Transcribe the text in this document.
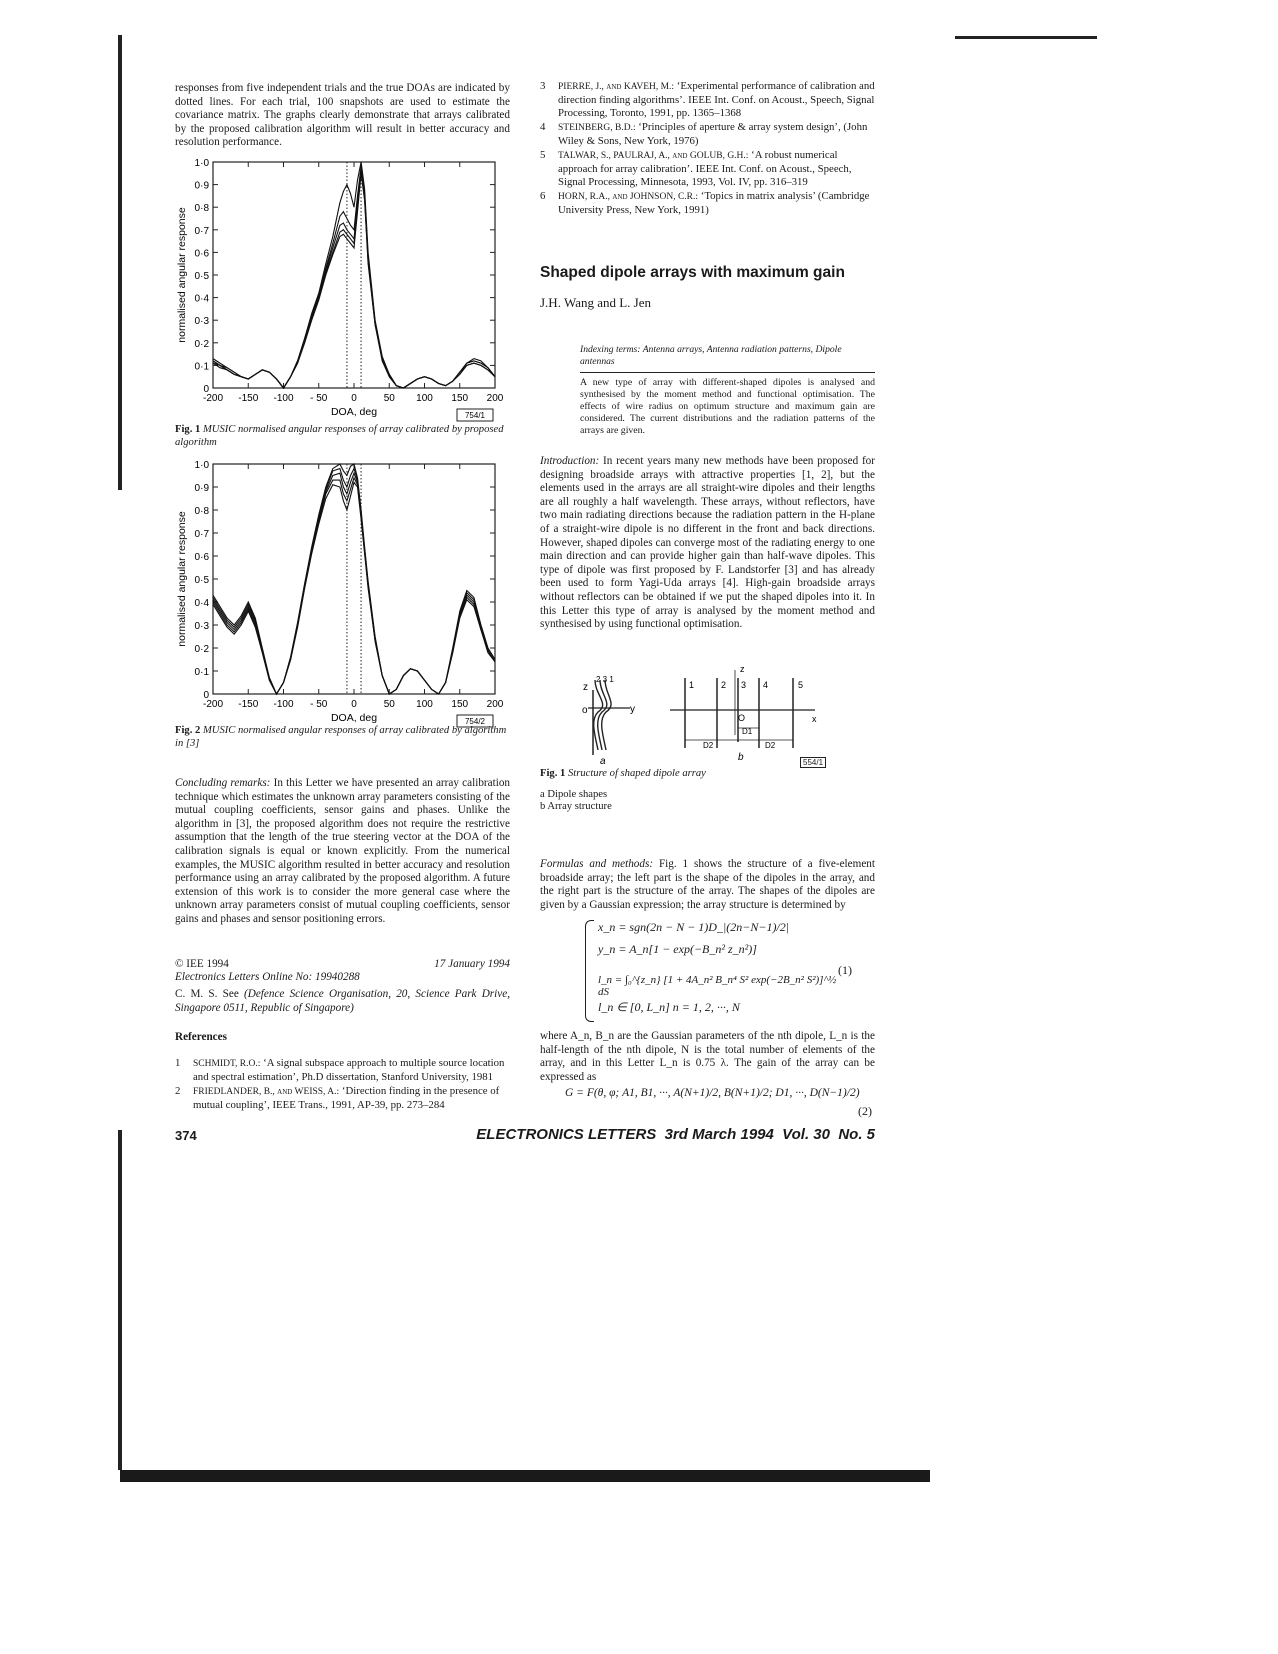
responses from five independent trials and the true DOAs are indicated by dotted lines. For each trial, 100 snapshots are used to estimate the covariance matrix. The graphs clearly demonstrate that arrays calibrated by the proposed calibration algorithm will result in better accuracy and resolution performance.
0
0·1
0·2
0·3
0·4
0·5
0·6
0·7
0·8
0·9
1·0
-200 -150 -100 - 50 0	50 100 150 200
DOA, deg
normalised angular response
754/1
Fig. 1 MUSIC normalised angular responses of array calibrated by proposed algorithm
0
0·1
0·2
0·3
0·4
0·5
0·6
0·7
0·8
0·9
1·0
-200 -150 -100 - 50 0	50 100 150 200
DOA, deg
normalised angular response
754/2
Fig. 2 MUSIC normalised angular responses of array calibrated by algorithm in [3]
Concluding remarks: In this Letter we have presented an array calibration technique which estimates the unknown array parameters consisting of the mutual coupling coefficients, sensor gains and phases. Unlike the algorithm in [3], the proposed algorithm does not require the restrictive assumption that the length of the true steering vector at the DOA of the calibration signals is equal or known explicitly. From the numerical examples, the MUSIC algorithm resulted in better accuracy and resolution performance using an array calibrated by the proposed algorithm. A future extension of this work is to consider the more general case where the unknown array parameters consist of mutual coupling coefficients, sensor gains and phases and sensor positioning errors.
© IEE 1994	17 January 1994
Electronics Letters Online No: 19940288
C. M. S. See (Defence Science Organisation, 20, Science Park Drive, Singapore 0511, Republic of Singapore)
References
1 SCHMIDT, R.O.: ‘A signal subspace approach to multiple source location and spectral estimation’, Ph.D dissertation, Stanford University, 1981
2 FRIEDLANDER, B., and WEISS, A.: ‘Direction finding in the presence of mutual coupling’, IEEE Trans., 1991, AP-39, pp. 273–284
3 PIERRE, J., and KAVEH, M.: ‘Experimental performance of calibration and direction finding algorithms’. IEEE Int. Conf. on Acoust., Speech, Signal Processing, Toronto, 1991, pp. 1365–1368
4 STEINBERG, B.D.: ‘Principles of aperture & array system design’, (John Wiley & Sons, New York, 1976)
5 TALWAR, S., PAULRAJ, A., and GOLUB, G.H.: ‘A robust numerical approach for array calibration’. IEEE Int. Conf. on Acoust., Speech, Signal Processing, Minnesota, 1993, Vol. IV, pp. 316–319
6 HORN, R.A., and JOHNSON, C.R.: ‘Topics in matrix analysis’ (Cambridge University Press, New York, 1991)
Shaped dipole arrays with maximum gain
J.H. Wang and L. Jen
Indexing terms: Antenna arrays, Antenna radiation patterns, Dipole antennas
A new type of array with different-shaped dipoles is analysed and synthesised by the moment method and functional optimisation. The effects of wire radius on optimum structure and maximum gain are considered. The current distributions and the radiation patterns of the arrays are given.
Introduction: In recent years many new methods have been proposed for designing broadside arrays with attractive properties [1, 2], but the elements used in the arrays are all straight-wire dipoles and their lengths are all roughly a half wavelength. These arrays, without reflectors, have two main radiating directions because the radiation pattern in the H-plane of a straight-wire dipole is no different in the front and back directions. However, shaped dipoles can converge most of the radiating energy to one main direction and can provide higher gain than half-wave dipoles. This type of dipole was first proposed by F. Landstorfer [3] and has already been used to form Yagi-Uda arrays [4]. High-gain broadside arrays without reflectors can be obtained if we put the shaped dipoles into it. In this Letter this type of array is analysed by the moment method and synthesised by using functional optimisation.
z
2 3 1
y
o
a
1	2 3 4	5
z
x
O
D1
D2	D2
b	554/1
Fig. 1 Structure of shaped dipole array
a Dipole shapes
b Array structure
Formulas and methods: Fig. 1 shows the structure of a five-element broadside array; the left part is the shape of the dipoles in the array, and the right part is the structure of the array. The shapes of the dipoles are given by a Gaussian expression; the array structure is determined by
x_n = sgn(2n − N − 1)D_|(2n−N−1)/2|
y_n = A_n[1 − exp(−B_n² z_n²)]
l_n = ∫₀^{z_n} [1 + 4A_n² B_n⁴ S² exp(−2B_n² S²)]^½ dS
l_n ∈ [0, L_n] n = 1, 2, ···, N
(1)
where A_n, B_n are the Gaussian parameters of the nth dipole, L_n is the half-length of the nth dipole, N is the total number of elements of the array, and in this Letter L_n is 0.75 λ. The gain of the array can be expressed as
G = F(θ, φ; A1, B1, ···, A(N+1)/2, B(N+1)/2; D1, ···, D(N−1)/2)
(2)
374	ELECTRONICS LETTERS  3rd March 1994  Vol. 30  No. 5
